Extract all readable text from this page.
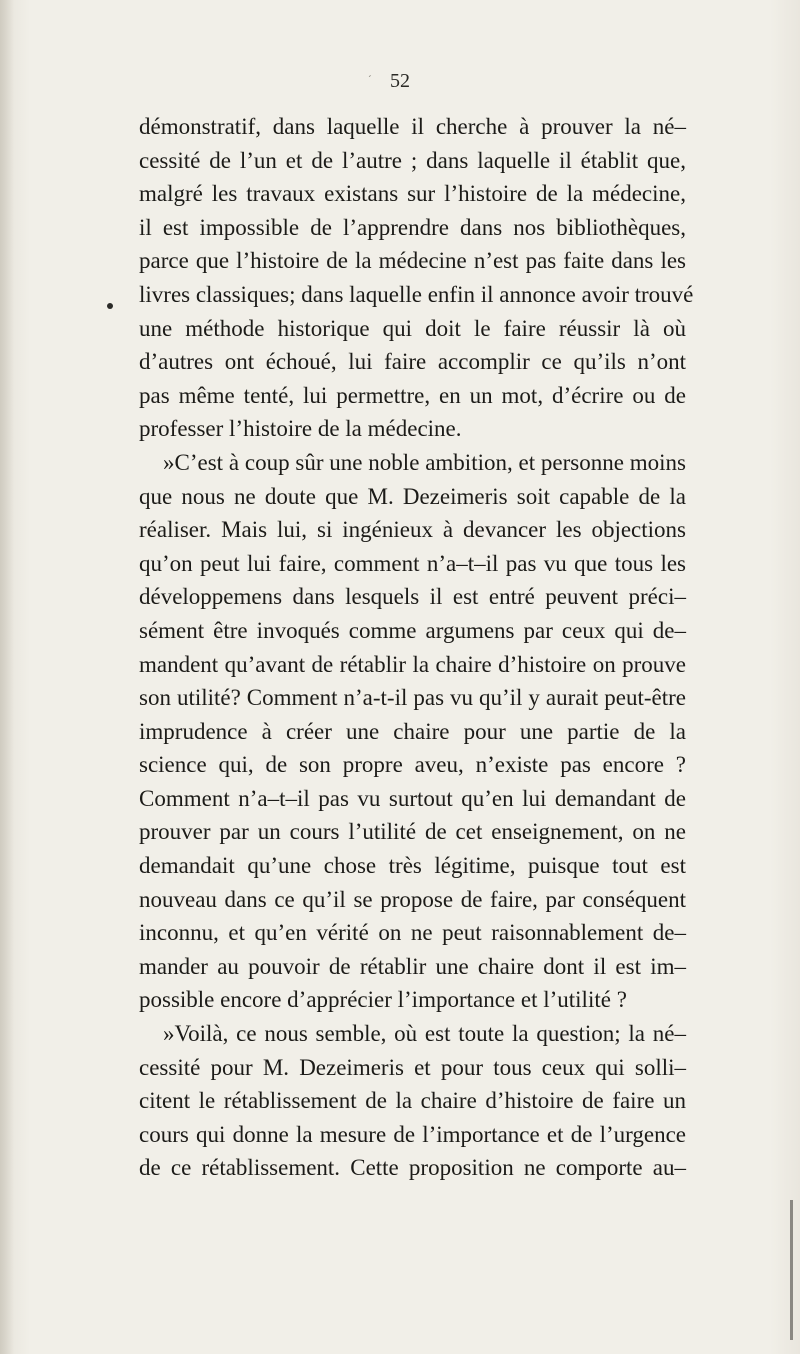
´ 52
démonstratif, dans laquelle il cherche à prouver la né–
cessité de l’un et de l’autre ; dans laquelle il établit que,
malgré les travaux existans sur l’histoire de la médecine,
il est impossible de l’apprendre dans nos bibliothèques,
parce que l’histoire de la médecine n’est pas faite dans les
livres classiques; dans laquelle enfin il annonce avoir trouvé
une méthode historique qui doit le faire réussir là où
d’autres ont échoué, lui faire accomplir ce qu’ils n’ont
pas même tenté, lui permettre, en un mot, d’écrire ou de
professer l’histoire de la médecine.
»C’est à coup sûr une noble ambition, et personne moins
que nous ne doute que M. Dezeimeris soit capable de la
réaliser. Mais lui, si ingénieux à devancer les objections
qu’on peut lui faire, comment n’a–t–il pas vu que tous les
développemens dans lesquels il est entré peuvent préci–
sément être invoqués comme argumens par ceux qui de–
mandent qu’avant de rétablir la chaire d’histoire on prouve
son utilité? Comment n’a-t-il pas vu qu’il y aurait peut-être
imprudence à créer une chaire pour une partie de la
science qui, de son propre aveu, n’existe pas encore ?
Comment n’a–t–il pas vu surtout qu’en lui demandant de
prouver par un cours l’utilité de cet enseignement, on ne
demandait qu’une chose très légitime, puisque tout est
nouveau dans ce qu’il se propose de faire, par conséquent
inconnu, et qu’en vérité on ne peut raisonnablement de–
mander au pouvoir de rétablir une chaire dont il est im–
possible encore d’apprécier l’importance et l’utilité ?
»Voilà, ce nous semble, où est toute la question; la né–
cessité pour M. Dezeimeris et pour tous ceux qui solli–
citent le rétablissement de la chaire d’histoire de faire un
cours qui donne la mesure de l’importance et de l’urgence
de ce rétablissement. Cette proposition ne comporte au–
